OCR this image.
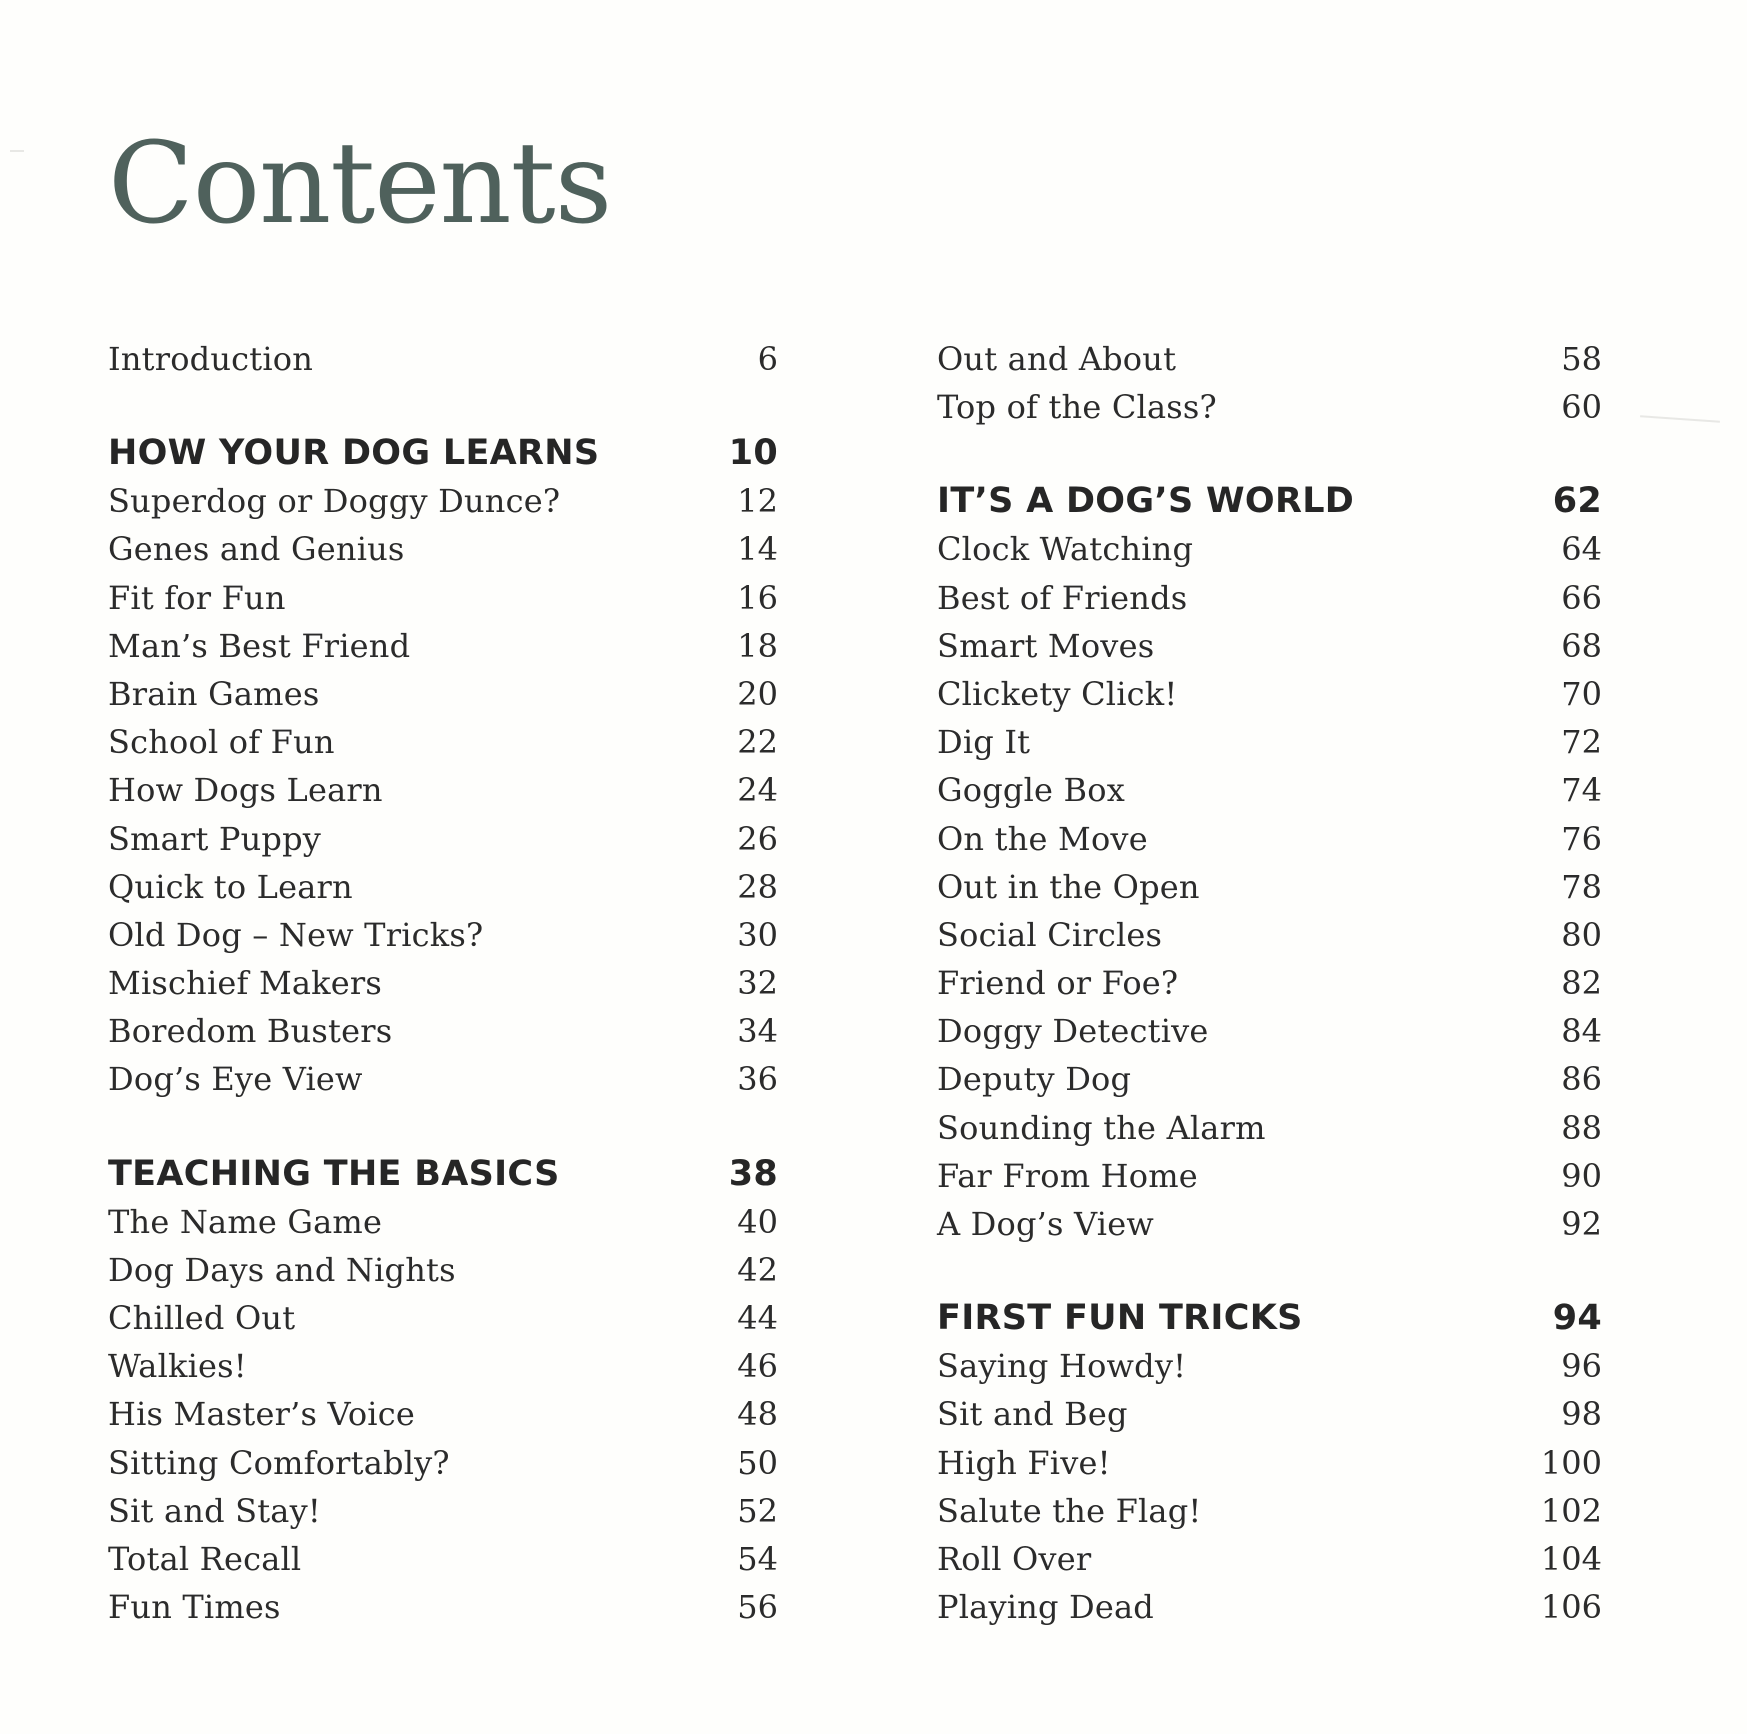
Contents
Introduction	6
HOW YOUR DOG LEARNS	10
Superdog or Doggy Dunce?	12
Genes and Genius	14
Fit for Fun	16
Man’s Best Friend	18
Brain Games	20
School of Fun	22
How Dogs Learn	24
Smart Puppy	26
Quick to Learn	28
Old Dog – New Tricks?	30
Mischief Makers	32
Boredom Busters	34
Dog’s Eye View	36
TEACHING THE BASICS	38
The Name Game	40
Dog Days and Nights	42
Chilled Out	44
Walkies!	46
His Master’s Voice	48
Sitting Comfortably?	50
Sit and Stay!	52
Total Recall	54
Fun Times	56
Out and About	58
Top of the Class?	60
IT’S A DOG’S WORLD	62
Clock Watching	64
Best of Friends	66
Smart Moves	68
Clickety Click!	70
Dig It	72
Goggle Box	74
On the Move	76
Out in the Open	78
Social Circles	80
Friend or Foe?	82
Doggy Detective	84
Deputy Dog	86
Sounding the Alarm	88
Far From Home	90
A Dog’s View	92
FIRST FUN TRICKS	94
Saying Howdy!	96
Sit and Beg	98
High Five!	100
Salute the Flag!	102
Roll Over	104
Playing Dead	106
